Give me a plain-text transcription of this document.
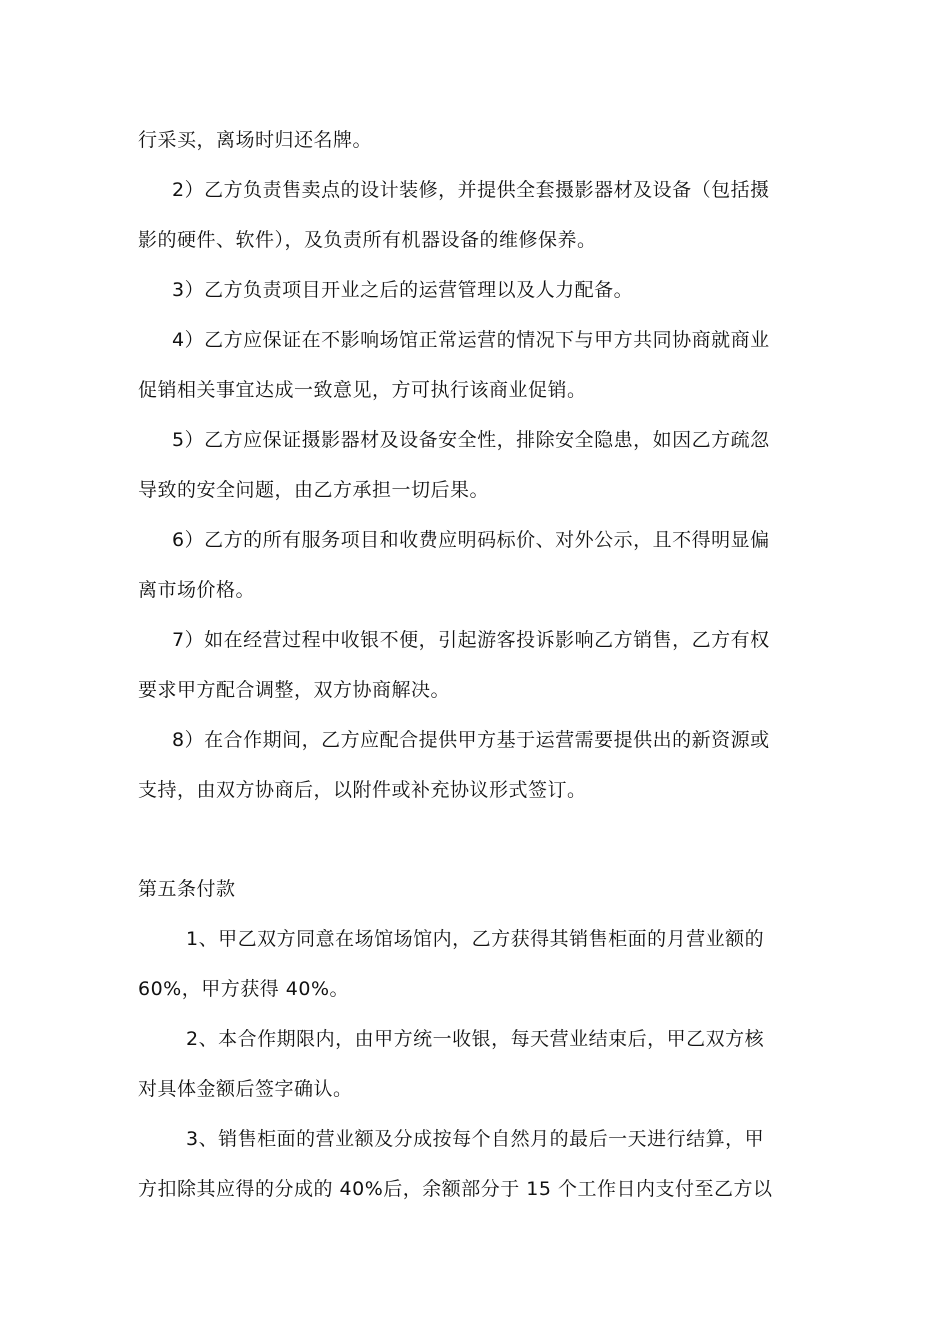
行采买，离场时归还名牌。
2）乙方负责售卖点的设计装修，并提供全套摄影器材及设备（包括摄
影的硬件、软件），及负责所有机器设备的维修保养。
3）乙方负责项目开业之后的运营管理以及人力配备。
4）乙方应保证在不影响场馆正常运营的情况下与甲方共同协商就商业
促销相关事宜达成一致意见，方可执行该商业促销。
5）乙方应保证摄影器材及设备安全性，排除安全隐患，如因乙方疏忽
导致的安全问题，由乙方承担一切后果。
6）乙方的所有服务项目和收费应明码标价、对外公示，且不得明显偏
离市场价格。
7）如在经营过程中收银不便，引起游客投诉影响乙方销售，乙方有权
要求甲方配合调整，双方协商解决。
8）在合作期间，乙方应配合提供甲方基于运营需要提供出的新资源或
支持，由双方协商后，以附件或补充协议形式签订。
第五条付款
1、甲乙双方同意在场馆场馆内，乙方获得其销售柜面的月营业额的
60%，甲方获得 40%。
2、本合作期限内，由甲方统一收银，每天营业结束后，甲乙双方核
对具体金额后签字确认。
3、销售柜面的营业额及分成按每个自然月的最后一天进行结算，甲
方扣除其应得的分成的 40%后，余额部分于 15 个工作日内支付至乙方以
